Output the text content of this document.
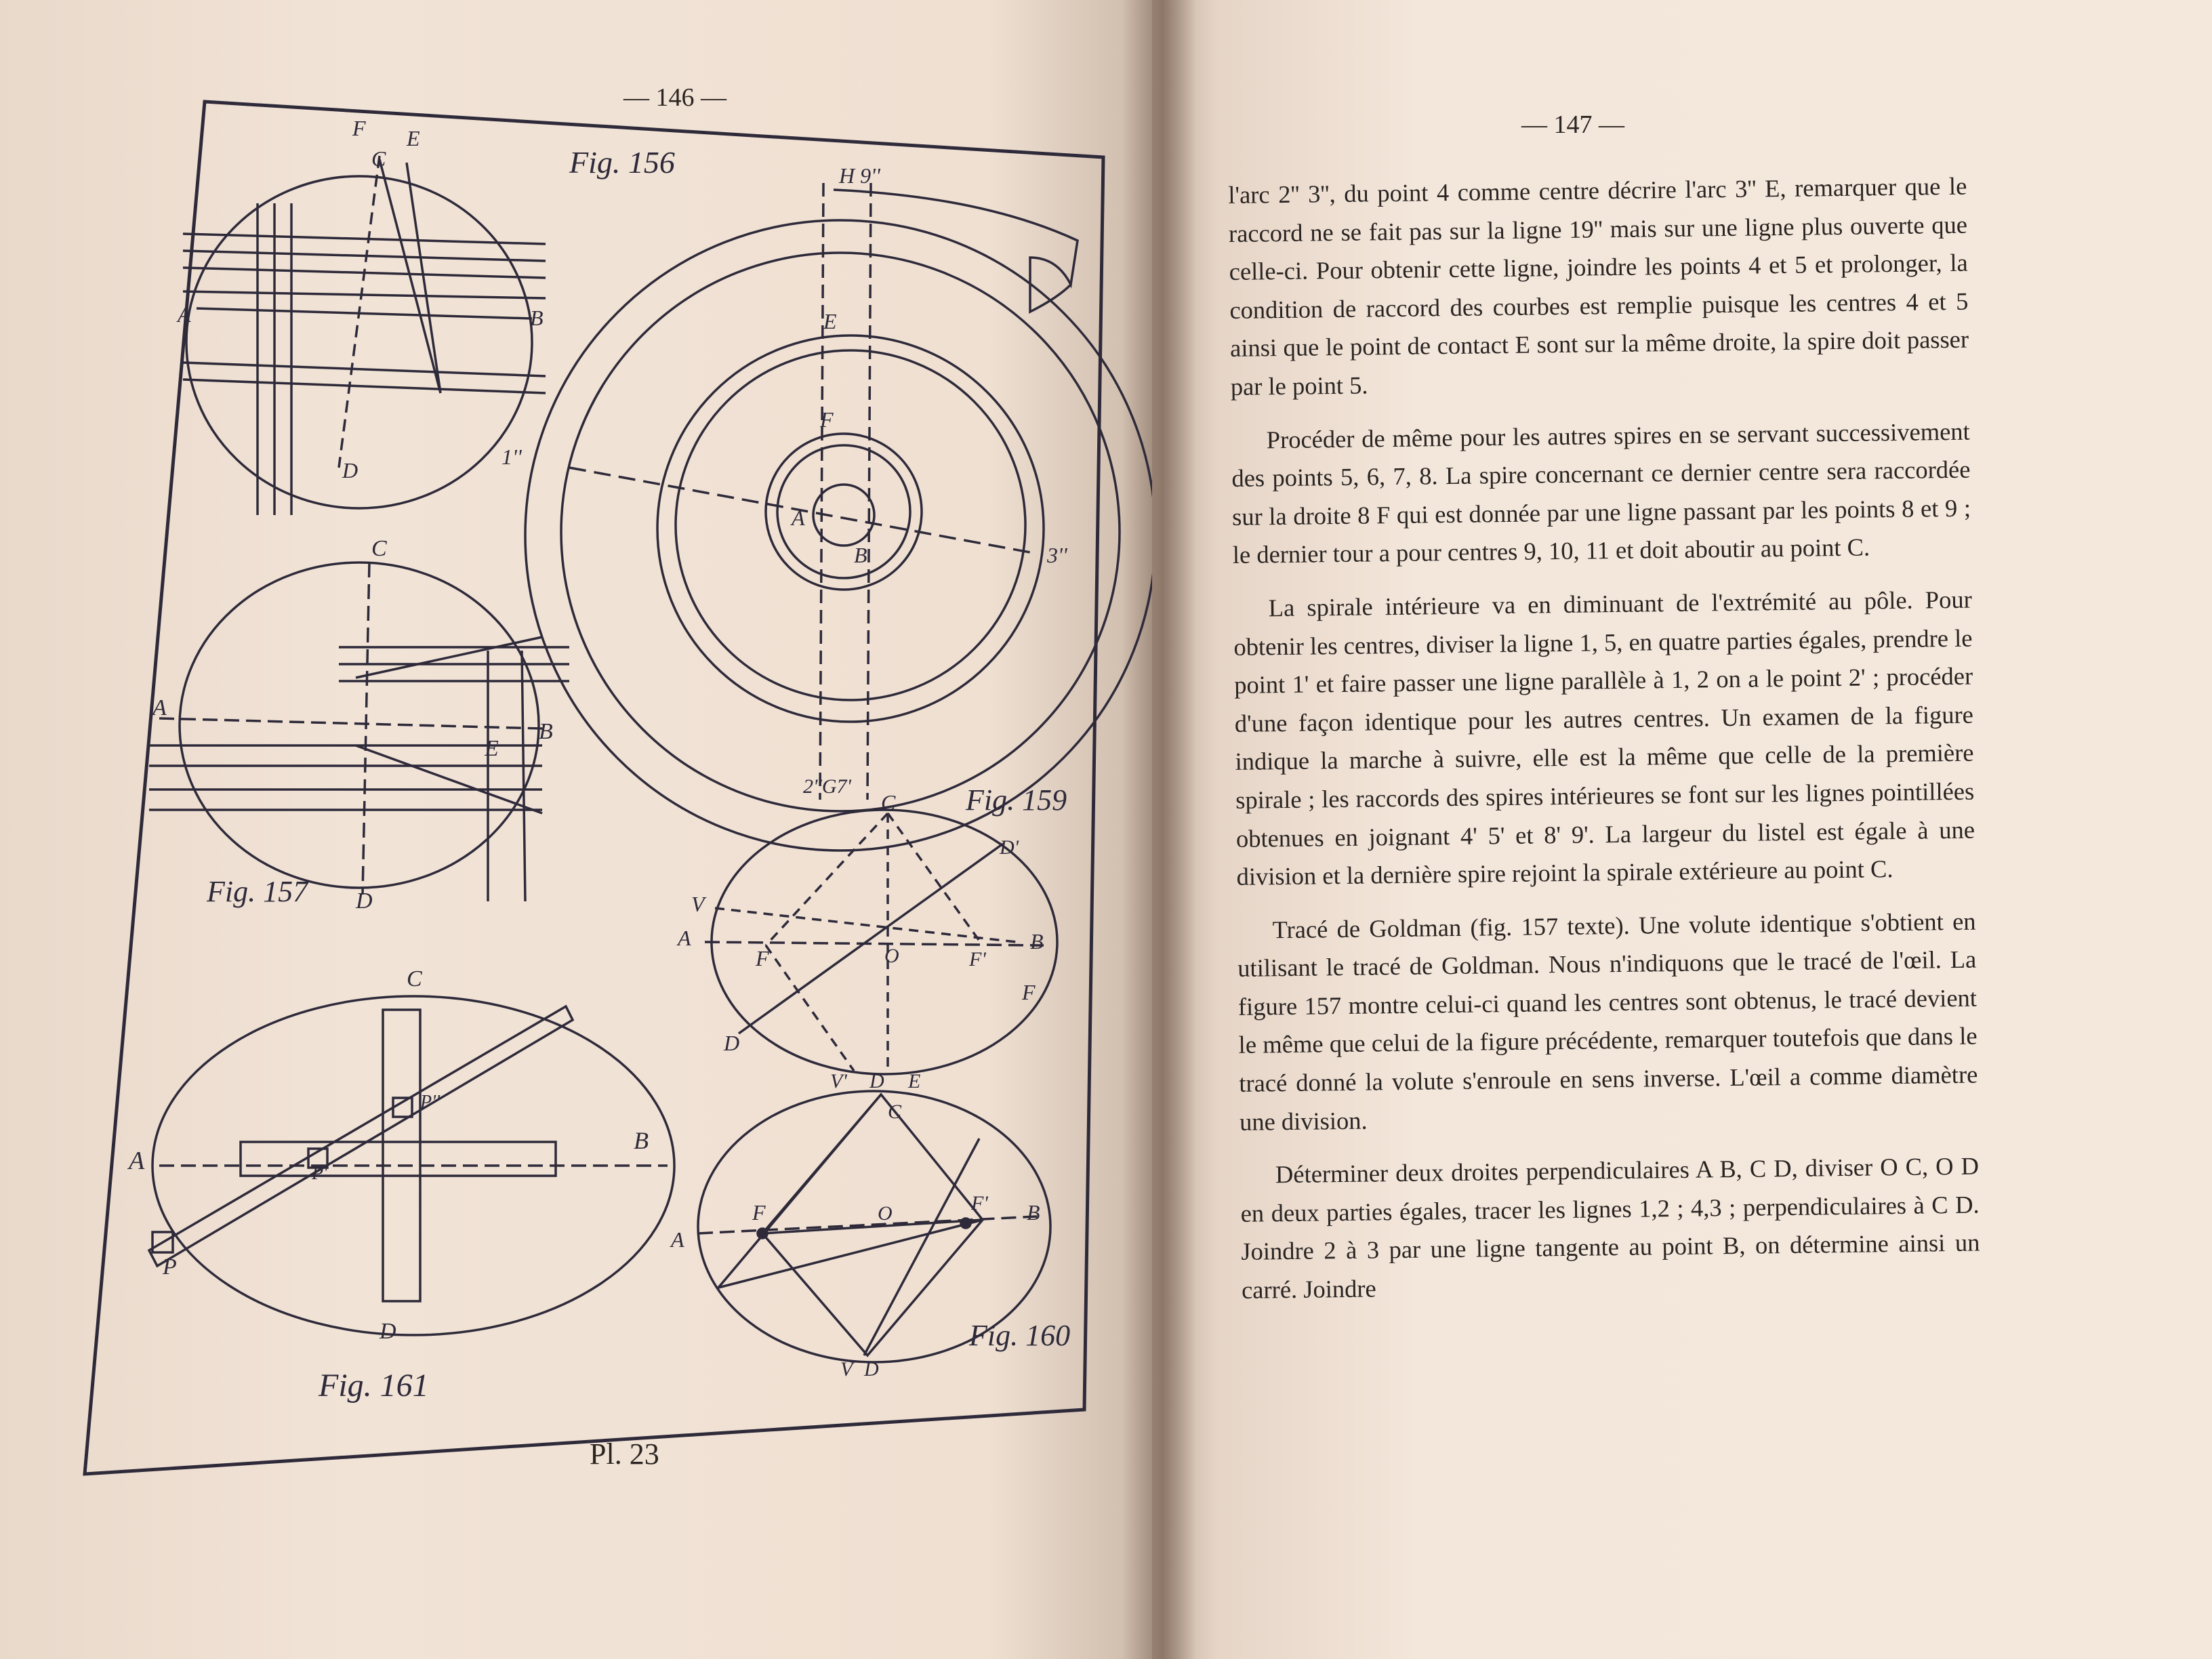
— 146 —
— 147 —
Fig. 156
Fig. 157
Fig. 159
Fig. 160
Fig. 161
H 9''
E
F
A
B
1''
3''
2''G7'
F E
C
A	B
D
C
A
B
D
E
C
D'
V
A
F	O	F'
B
F
D
V' D E
C
F	O	F' B
A
V D
C
A
B
P''
P'
P
D
Pl. 23

l'arc 2'' 3'', du point 4 comme centre décrire l'arc 3'' E, remarquer que le raccord ne se fait pas sur la ligne 19'' mais sur une ligne plus ouverte que celle-ci. Pour obtenir cette ligne, joindre les points 4 et 5 et prolonger, la condition de raccord des courbes est remplie puisque les centres 4 et 5 ainsi que le point de contact E sont sur la même droite, la spire doit passer par le point 5.

Procéder de même pour les autres spires en se servant successivement des points 5, 6, 7, 8. La spire concernant ce dernier centre sera raccordée sur la droite 8 F qui est donnée par une ligne passant par les points 8 et 9 ; le dernier tour a pour centres 9, 10, 11 et doit aboutir au point C.

La spirale intérieure va en diminuant de l'extrémité au pôle. Pour obtenir les centres, diviser la ligne 1, 5, en quatre parties égales, prendre le point 1' et faire passer une ligne parallèle à 1, 2 on a le point 2' ; procéder d'une façon identique pour les autres centres. Un examen de la figure indique la marche à suivre, elle est la même que celle de la première spirale ; les raccords des spires intérieures se font sur les lignes pointillées obtenues en joignant 4' 5' et 8' 9'. La largeur du listel est égale à une division et la dernière spire rejoint la spirale extérieure au point C.

Tracé de Goldman (fig. 157 texte). Une volute identique s'obtient en utilisant le tracé de Goldman. Nous n'indiquons que le tracé de l'œil. La figure 157 montre celui-ci quand les centres sont obtenus, le tracé devient le même que celui de la figure précédente, remarquer toutefois que dans le tracé donné la volute s'enroule en sens inverse. L'œil a comme diamètre une division.

Déterminer deux droites perpendiculaires A B, C D, diviser O C, O D en deux parties égales, tracer les lignes 1,2 ; 4,3 ; perpendiculaires à C D. Joindre 2 à 3 par une ligne tangente au point B, on détermine ainsi un carré. Joindre
